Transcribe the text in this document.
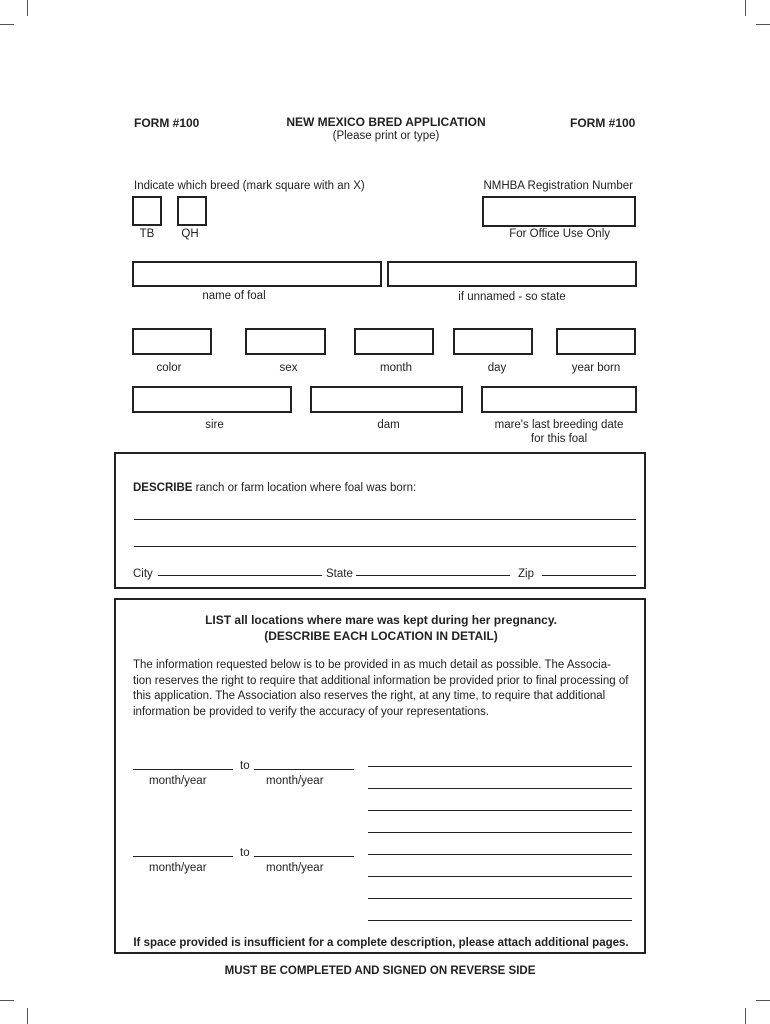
FORM #100	NEW MEXICO BRED APPLICATION
(Please print or type)
FORM #100
Indicate which breed (mark square with an X)
TB	QH
NMHBA Registration Number
For Office Use Only
name of foal	if unnamed - so state
color	sex	month	day	year born
sire	dam	mare's last breeding date
for this foal
DESCRIBE ranch or farm location where foal was born:
City	State	Zip
LIST all locations where mare was kept during her pregnancy.
(DESCRIBE EACH LOCATION IN DETAIL)
The information requested below is to be provided in as much detail as possible. The Associa-
tion reserves the right to require that additional information be provided prior to final processing of
this application. The Association also reserves the right, at any time, to require that additional
information be provided to verify the accuracy of your representations.
to
month/year	month/year
to
month/year	month/year
If space provided is insufficient for a complete description, please attach additional pages.
MUST BE COMPLETED AND SIGNED ON REVERSE SIDE
